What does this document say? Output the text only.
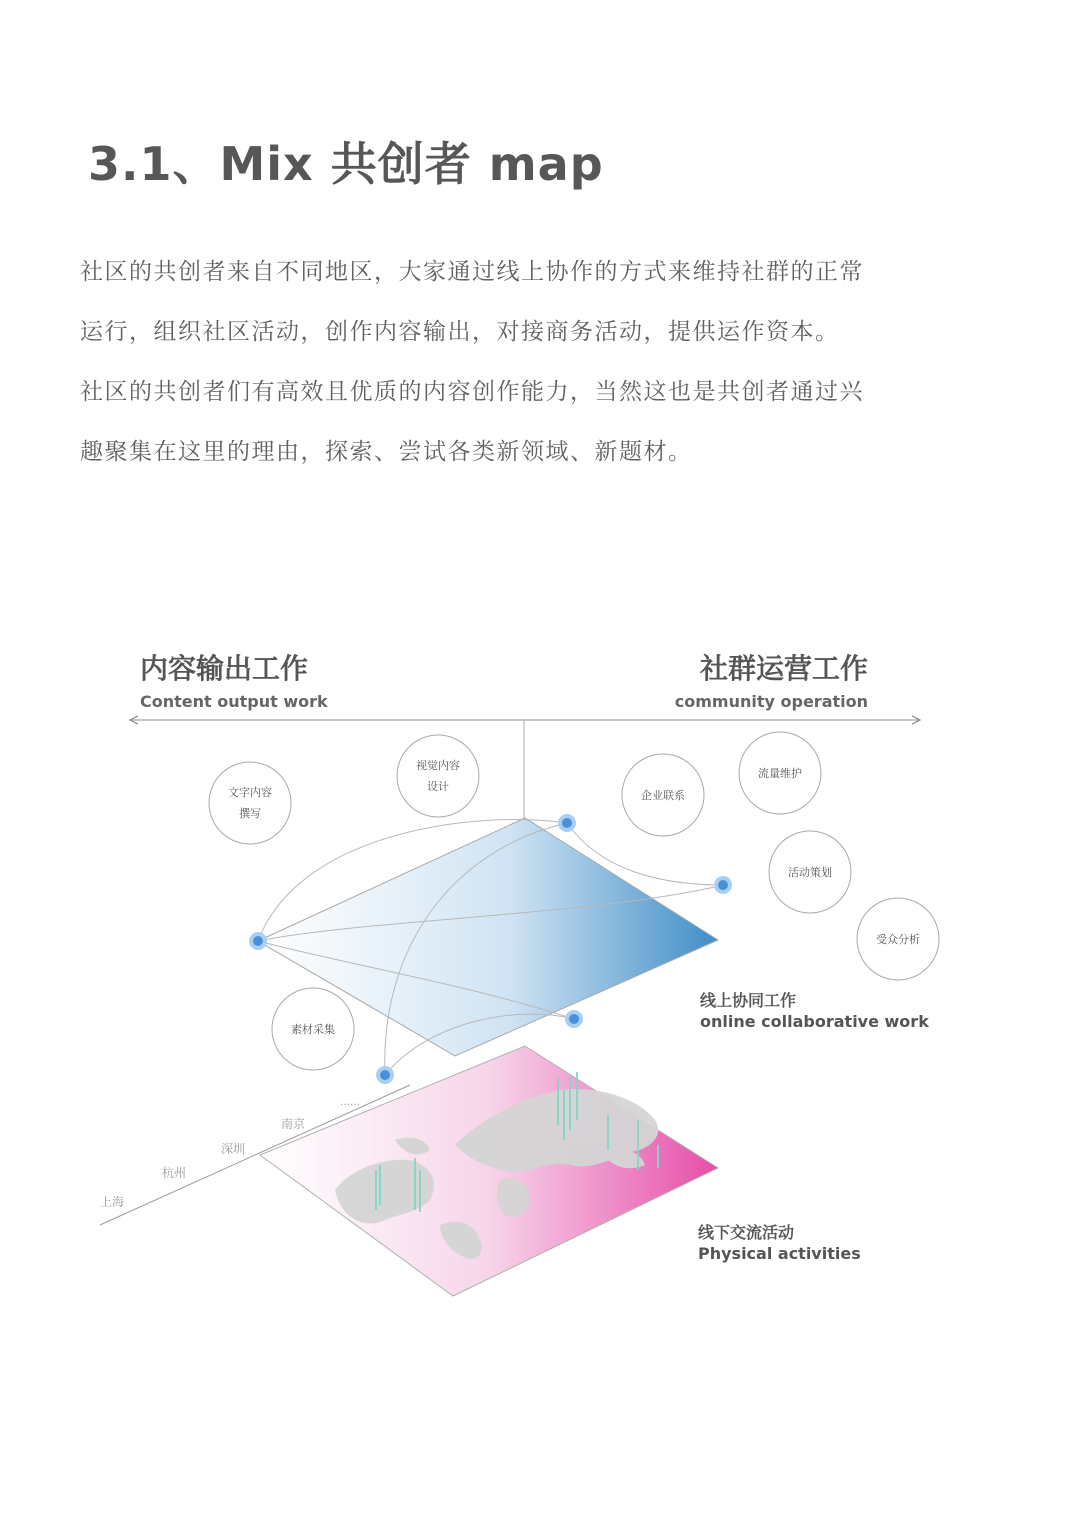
3.1、Mix 共创者 map

社区的共创者来自不同地区，大家通过线上协作的方式来维持社群的正常

运行，组织社区活动，创作内容输出，对接商务活动，提供运作资本。

社区的共创者们有高效且优质的内容创作能力，当然这也是共创者通过兴

趣聚集在这里的理由，探索、尝试各类新领域、新题材。

内容输出工作
Content output work
社群运营工作
community operation
上海
杭州
深圳
南京
……
文字内容
撰写
视觉内容
设计
素材采集
企业联系
流量维护
活动策划
受众分析
线上协同工作
online collaborative work
线下交流活动
Physical activities
